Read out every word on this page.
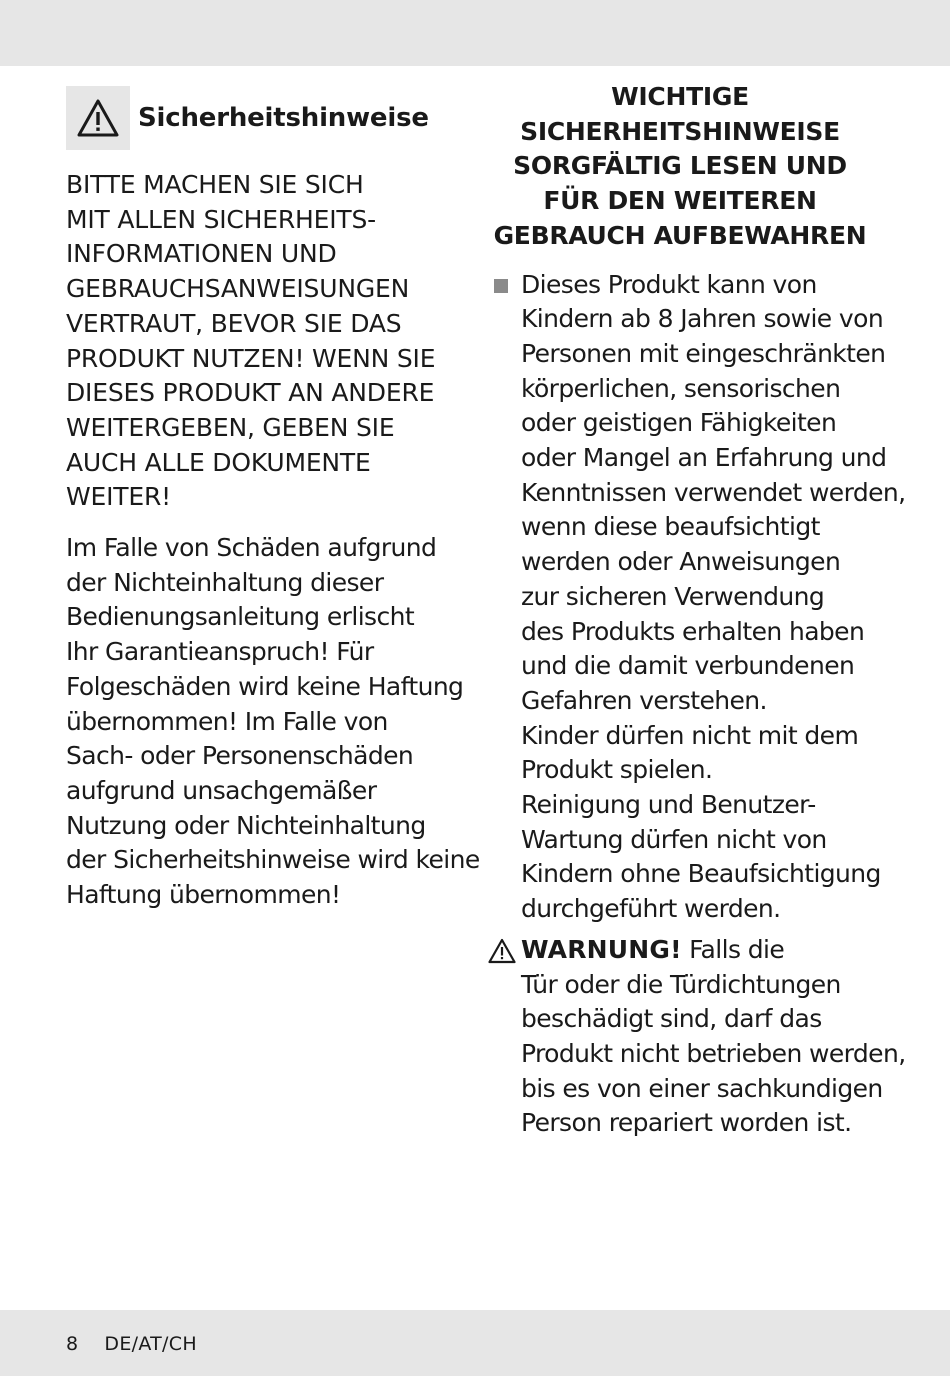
Sicherheitshinweise
BITTE MACHEN SIE SICH
MIT ALLEN SICHERHEITS-
INFORMATIONEN UND
GEBRAUCHSANWEISUNGEN
VERTRAUT, BEVOR SIE DAS
PRODUKT NUTZEN! WENN SIE
DIESES PRODUKT AN ANDERE
WEITERGEBEN, GEBEN SIE
AUCH ALLE DOKUMENTE
WEITER!
Im Falle von Schäden aufgrund
der Nichteinhaltung dieser
Bedienungsanleitung erlischt
Ihr Garantieanspruch! Für
Folgeschäden wird keine Haftung
übernommen! Im Falle von
Sach- oder Personenschäden
aufgrund unsachgemäßer
Nutzung oder Nichteinhaltung
der Sicherheitshinweise wird keine
Haftung übernommen!
WICHTIGE
SICHERHEITSHINWEISE
SORGFÄLTIG LESEN UND
FÜR DEN WEITEREN
GEBRAUCH AUFBEWAHREN
Dieses Produkt kann von
Kindern ab 8 Jahren sowie von
Personen mit eingeschränkten
körperlichen, sensorischen
oder geistigen Fähigkeiten
oder Mangel an Erfahrung und
Kenntnissen verwendet werden,
wenn diese beaufsichtigt
werden oder Anweisungen
zur sicheren Verwendung
des Produkts erhalten haben
und die damit verbundenen
Gefahren verstehen.
Kinder dürfen nicht mit dem
Produkt spielen.
Reinigung und Benutzer-
Wartung dürfen nicht von
Kindern ohne Beaufsichtigung
durchgeführt werden.
WARNUNG! Falls die
Tür oder die Türdichtungen
beschädigt sind, darf das
Produkt nicht betrieben werden,
bis es von einer sachkundigen
Person repariert worden ist.
8 DE/AT/CH
